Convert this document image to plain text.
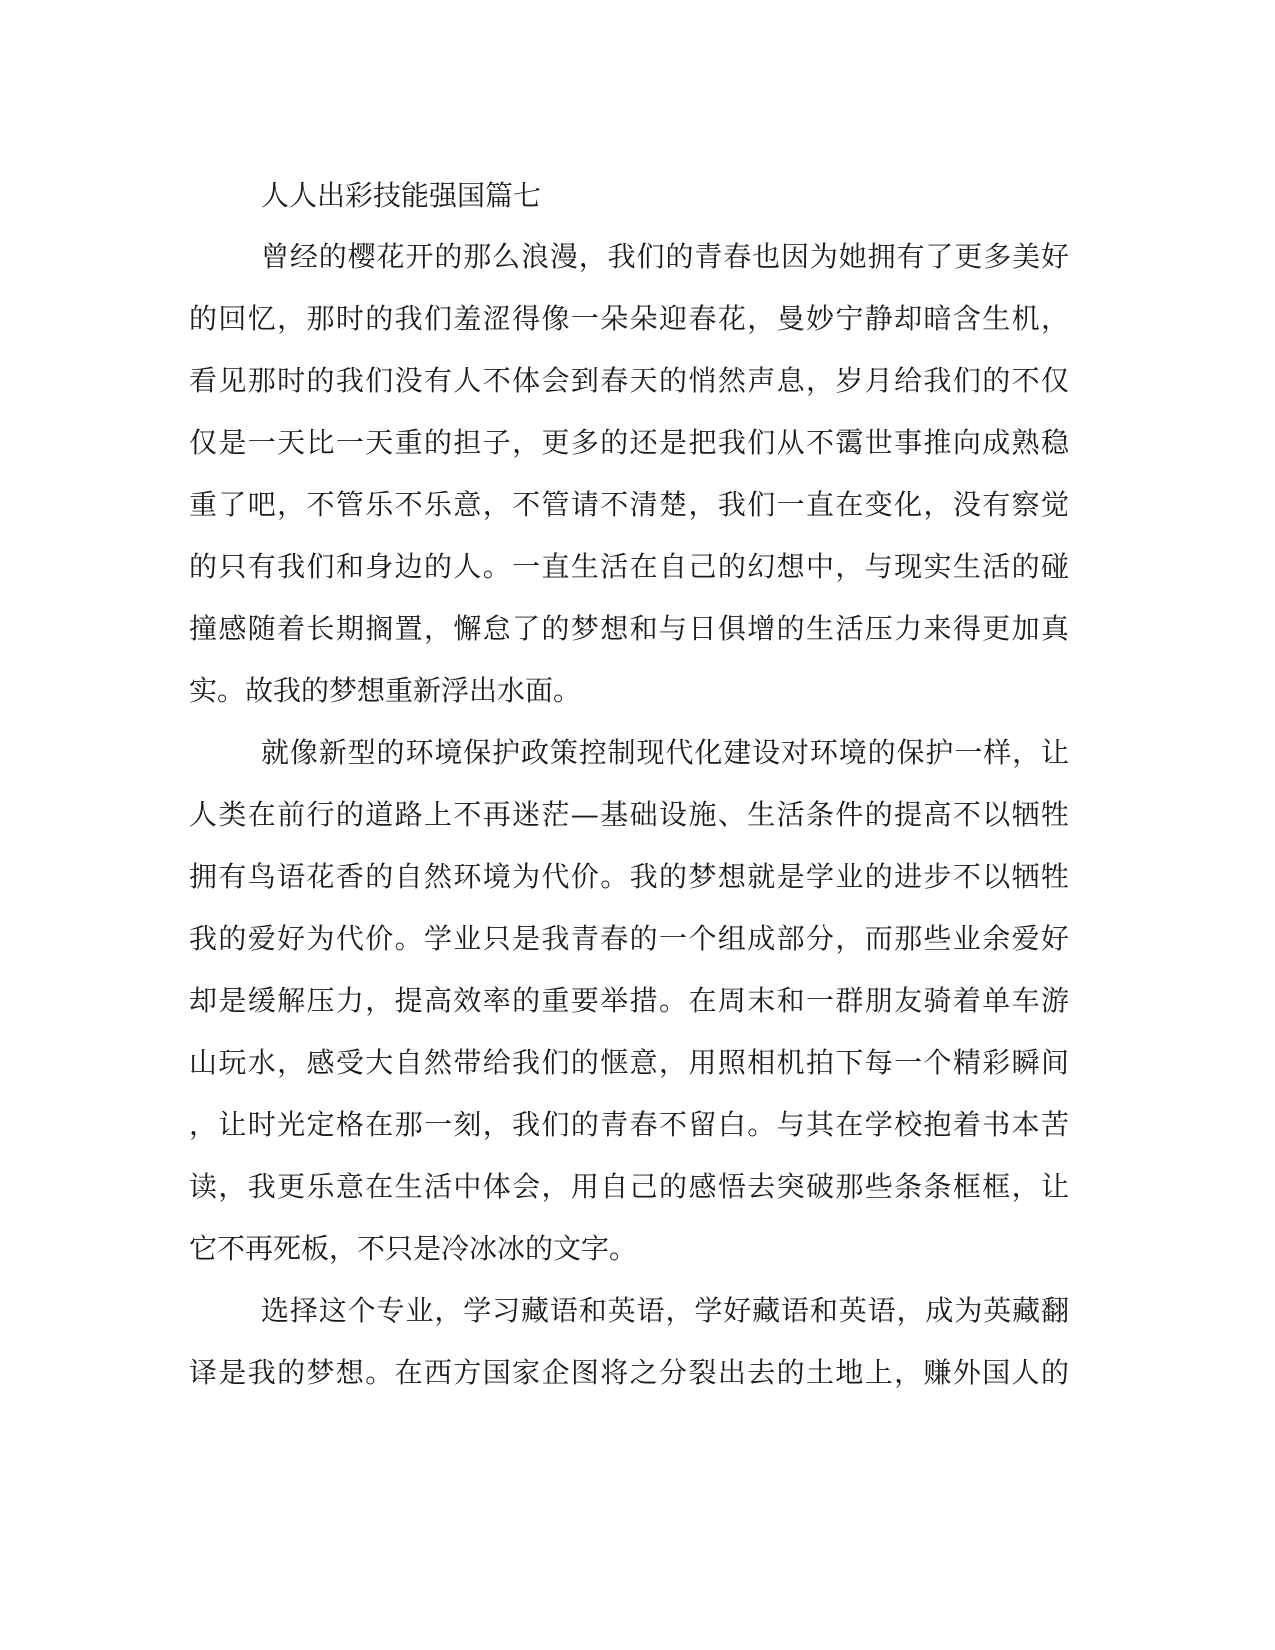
人人出彩技能强国篇七

曾经的樱花开的那么浪漫，我们的青春也因为她拥有了更多美好
的回忆，那时的我们羞涩得像一朵朵迎春花，曼妙宁静却暗含生机，
看见那时的我们没有人不体会到春天的悄然声息，岁月给我们的不仅
仅是一天比一天重的担子，更多的还是把我们从不霭世事推向成熟稳
重了吧，不管乐不乐意，不管请不清楚，我们一直在变化，没有察觉
的只有我们和身边的人。一直生活在自己的幻想中，与现实生活的碰
撞感随着长期搁置，懈怠了的梦想和与日俱增的生活压力来得更加真
实。故我的梦想重新浮出水面。

就像新型的环境保护政策控制现代化建设对环境的保护一样，让
人类在前行的道路上不再迷茫—基础设施、生活条件的提高不以牺牲
拥有鸟语花香的自然环境为代价。我的梦想就是学业的进步不以牺牲
我的爱好为代价。学业只是我青春的一个组成部分，而那些业余爱好
却是缓解压力，提高效率的重要举措。在周末和一群朋友骑着单车游
山玩水，感受大自然带给我们的惬意，用照相机拍下每一个精彩瞬间
，让时光定格在那一刻，我们的青春不留白。与其在学校抱着书本苦
读，我更乐意在生活中体会，用自己的感悟去突破那些条条框框，让
它不再死板，不只是冷冰冰的文字。

选择这个专业，学习藏语和英语，学好藏语和英语，成为英藏翻
译是我的梦想。在西方国家企图将之分裂出去的土地上，赚外国人的
